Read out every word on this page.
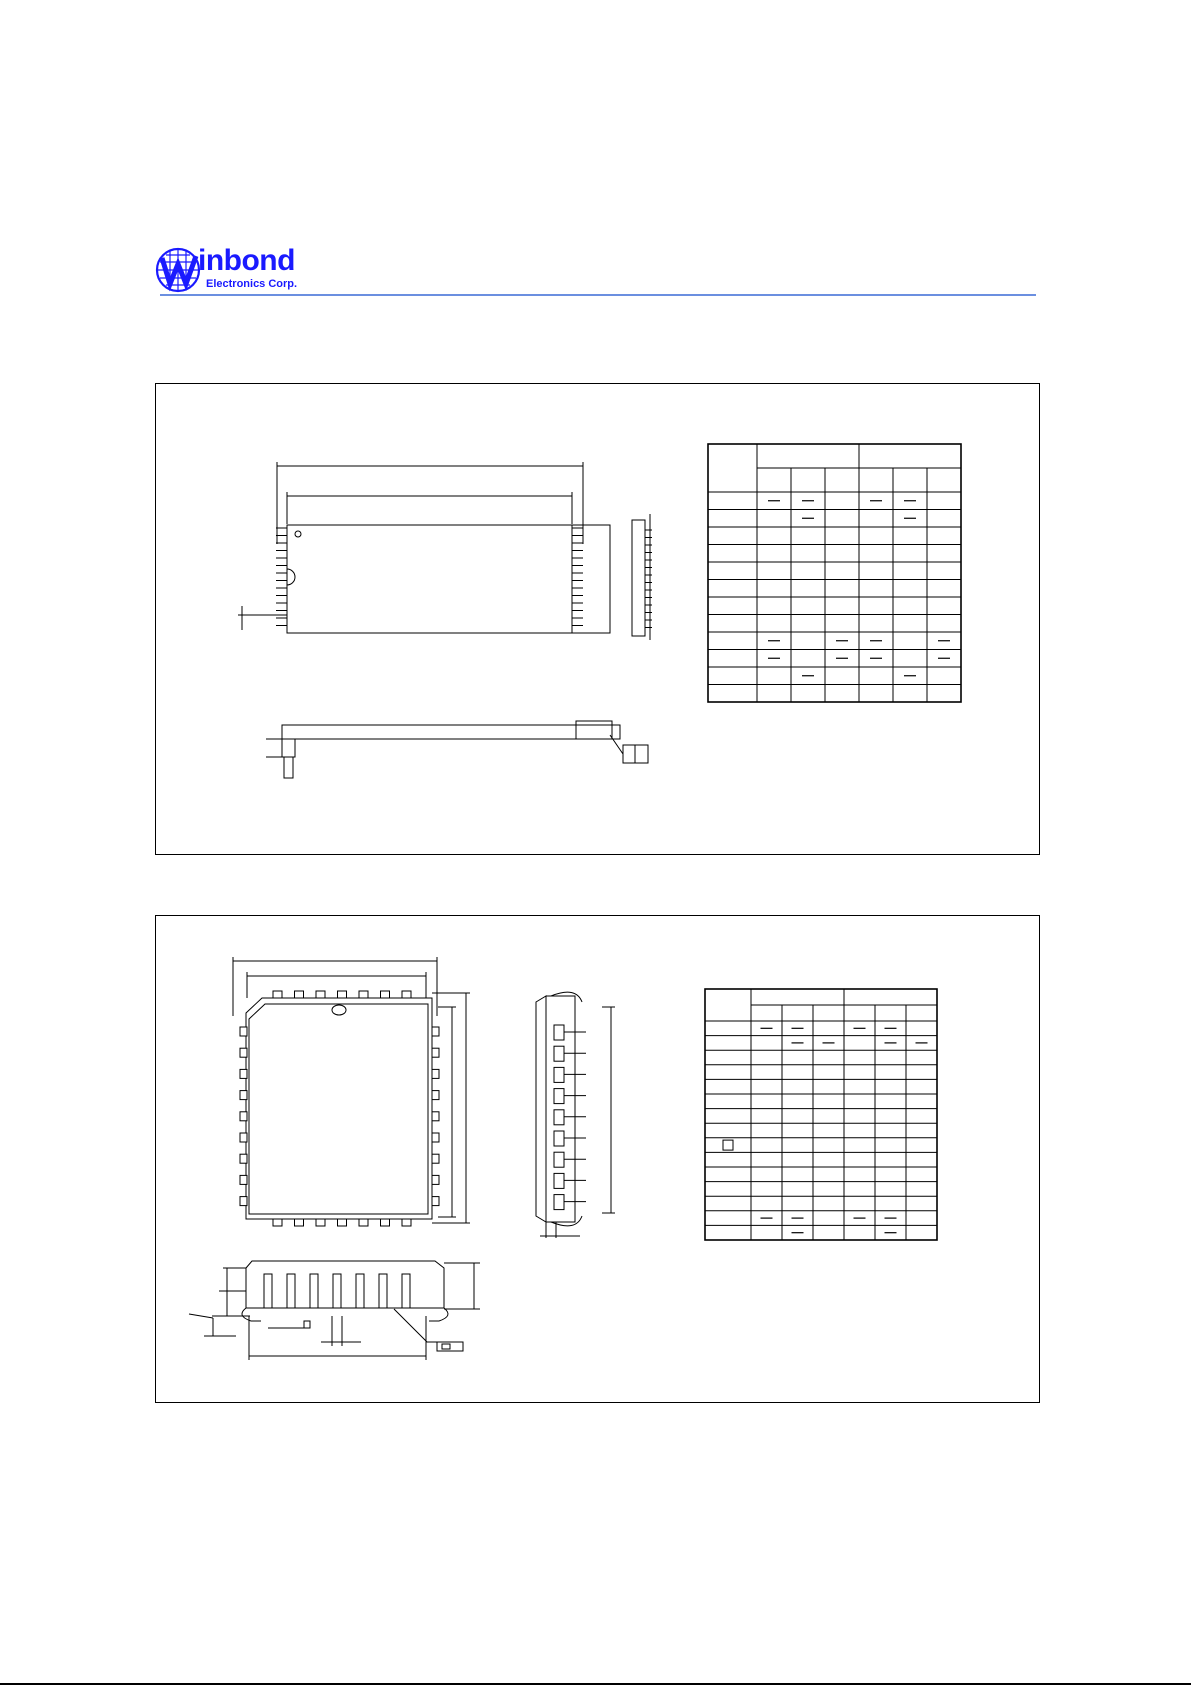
inbond
Electronics Corp.
